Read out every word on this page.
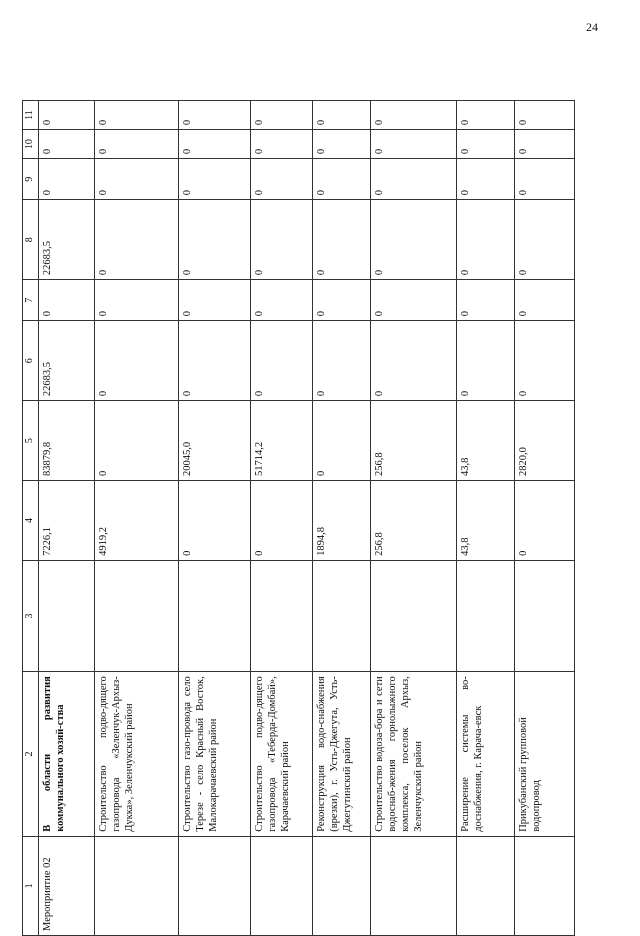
24
1	2	3	4	5	6	7	8	9	10	11
Мероприятие 02	В области развития коммунального хозяй-ства		7226,1	83879,8	22683,5	0	22683,5	0	0	0
	Строительство подво-дящего газопровода «Зеленчук-Архыз-Дукка», Зеленчукский район		4919,2	0	0	0	0	0	0	0
	Строительство газо-провода село Терезе - село Красный Восток, Малокарачаевский район		0	20045,0	0	0	0	0	0	0
	Строительство подво-дящего газопровода «Теберда-Домбай», Карачаевский район		0	51714,2	0	0	0	0	0	0
	Реконструкция водо-снабжения (врезки), г. Усть-Джегута, Усть-Джегутинский район		1894,8	0	0	0	0	0	0	0
	Строительство водоза-бора и сети водоснаб-жения горнолыжного комплекса, поселок Архыз, Зеленчукский район		256,8	256,8	0	0	0	0	0	0
	Расширение системы во-доснабжения, г. Карача-евск		43,8	43,8	0	0	0	0	0	0
	Прикубанский групповой водопровод		0	2820,0	0	0	0	0	0	0
